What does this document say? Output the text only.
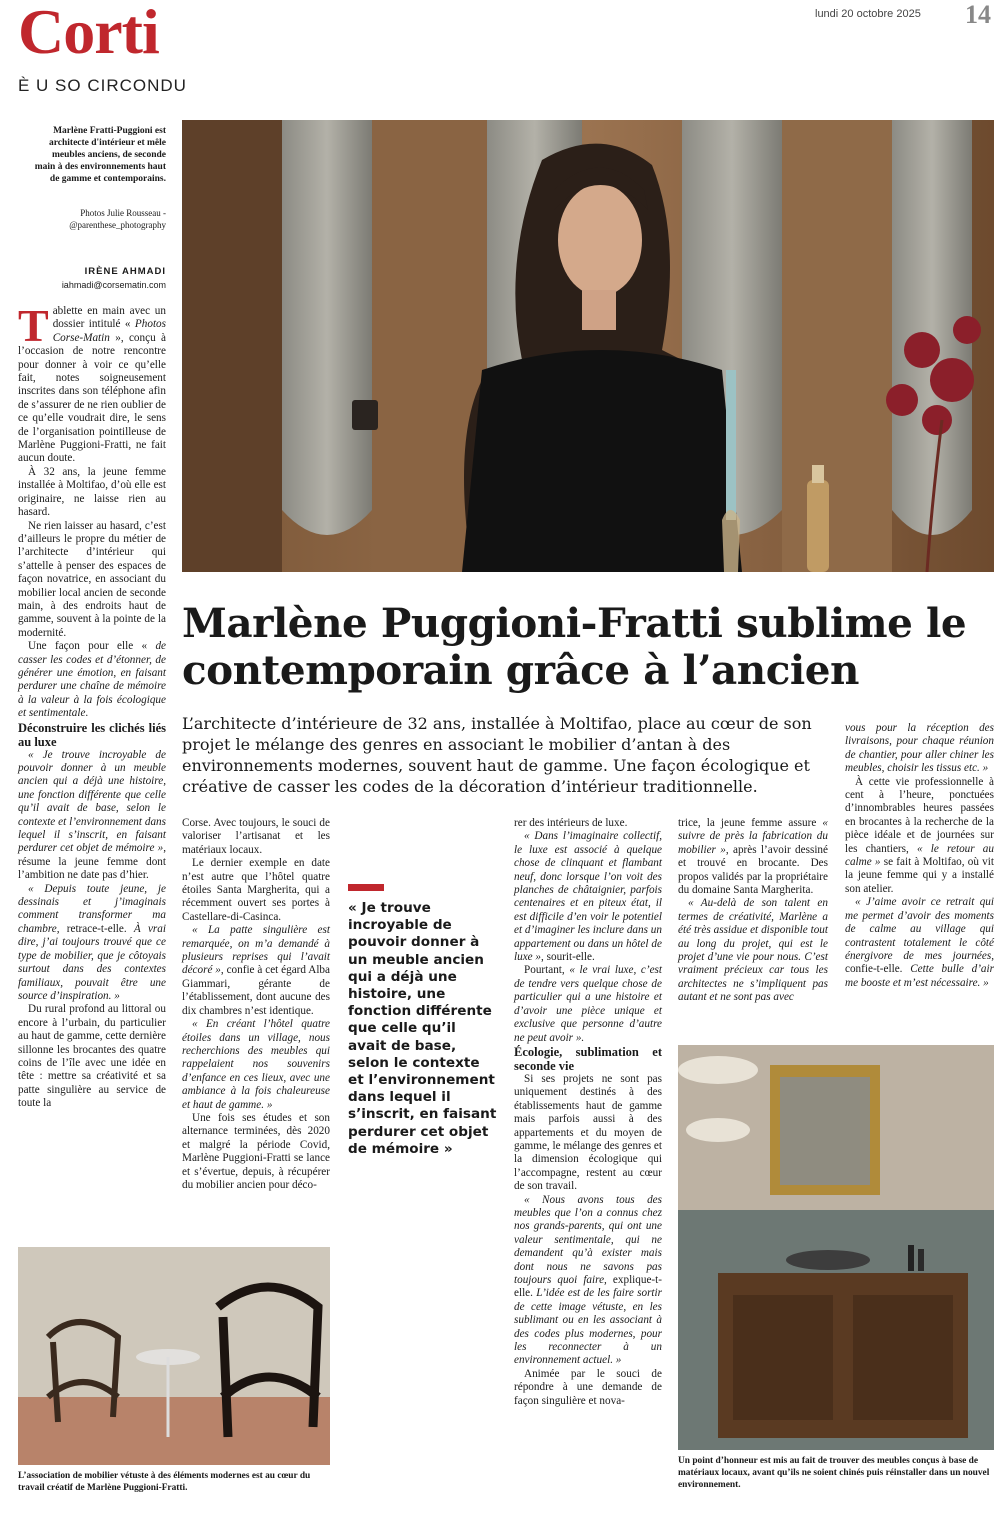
Corti
È U SO CIRCONDU
lundi 20 octobre 2025 14
Marlène Fratti-Puggioni est architecte d'intérieur et mêle meubles anciens, de seconde main à des environnements haut de gamme et contemporains.
Photos Julie Rousseau - @parenthese_photography
IRÈNE AHMADI
iahmadi@corsematin.com

Tablette en main avec un dossier intitulé « Photos Corse-Matin », conçu à l’occasion de notre rencontre pour donner à voir ce qu’elle fait, notes soigneusement inscrites dans son téléphone afin de s’assurer de ne rien oublier de ce qu’elle voudrait dire, le sens de l’organisation pointilleuse de Marlène Puggioni-Fratti, ne fait aucun doute.

À 32 ans, la jeune femme installée à Moltifao, d’où elle est originaire, ne laisse rien au hasard.

Ne rien laisser au hasard, c’est d’ailleurs le propre du métier de l’architecte d’intérieur qui s’attelle à penser des espaces de façon novatrice, en associant du mobilier local ancien de seconde main, à des endroits haut de gamme, souvent à la pointe de la modernité.

Une façon pour elle « de casser les codes et d’étonner, de générer une émotion, en faisant perdurer une chaîne de mémoire à la valeur à la fois écologique et sentimentale.

Déconstruire les clichés liés au luxe

« Je trouve incroyable de pouvoir donner à un meuble ancien qui a déjà une histoire, une fonction différente que celle qu’il avait de base, selon le contexte et l’environnement dans lequel il s’inscrit, en faisant perdurer cet objet de mémoire », résume la jeune femme dont l’ambition ne date pas d’hier.

« Depuis toute jeune, je dessinais et j’imaginais comment transformer ma chambre, retrace-t-elle. À vrai dire, j’ai toujours trouvé que ce type de mobilier, que je côtoyais surtout dans des contextes familiaux, pouvait être une source d’inspiration. »

Du rural profond au littoral ou encore à l’urbain, du particulier au haut de gamme, cette dernière sillonne les brocantes des quatre coins de l’île avec une idée en tête : mettre sa créativité et sa patte singulière au service de toute la

Marlène Puggioni-Fratti sublime le contemporain grâce à l’ancien
L’architecte d’intérieure de 32 ans, installée à Moltifao, place au cœur de son projet le mélange des genres en associant le mobilier d’antan à des environnements modernes, souvent haut de gamme. Une façon écologique et créative de casser les codes de la décoration d’intérieur traditionnelle.

Corse. Avec toujours, le souci de valoriser l’artisanat et les matériaux locaux.

Le dernier exemple en date n’est autre que l’hôtel quatre étoiles Santa Margherita, qui a récemment ouvert ses portes à Castellare-di-Casinca.

« La patte singulière est remarquée, on m’a demandé à plusieurs reprises qui l’avait décoré », confie à cet égard Alba Giammari, gérante de l’établissement, dont aucune des dix chambres n’est identique.

« En créant l’hôtel quatre étoiles dans un village, nous recherchions des meubles qui rappelaient nos souvenirs d’enfance en ces lieux, avec une ambiance à la fois chaleureuse et haut de gamme. »

Une fois ses études et son alternance terminées, dès 2020 et malgré la période Covid, Marlène Puggioni-Fratti se lance et s’évertue, depuis, à récupérer du mobilier ancien pour déco-

« Je trouve incroyable de pouvoir donner à un meuble ancien qui a déjà une histoire, une fonction différente que celle qu’il avait de base, selon le contexte et l’environnement dans lequel il s’inscrit, en faisant perdurer cet objet de mémoire »

rer des intérieurs de luxe.

« Dans l’imaginaire collectif, le luxe est associé à quelque chose de clinquant et flambant neuf, donc lorsque l’on voit des planches de châtaignier, parfois centenaires et en piteux état, il est difficile d’en voir le potentiel et d’imaginer les inclure dans un appartement ou dans un hôtel de luxe », sourit-elle.

Pourtant, « le vrai luxe, c’est de tendre vers quelque chose de particulier qui a une histoire et d’avoir une pièce unique et exclusive que personne d’autre ne peut avoir ».

Écologie, sublimation et seconde vie

Si ses projets ne sont pas uniquement destinés à des établissements haut de gamme mais parfois aussi à des appartements et du moyen de gamme, le mélange des genres et la dimension écologique qui l’accompagne, restent au cœur de son travail.

« Nous avons tous des meubles que l’on a connus chez nos grands-parents, qui ont une valeur sentimentale, qui ne demandent qu’à exister mais dont nous ne savons pas toujours quoi faire, explique-t-elle. L’idée est de les faire sortir de cette image vétuste, en les sublimant ou en les associant à des codes plus modernes, pour les reconnecter à un environnement actuel. »

Animée par le souci de répondre à une demande de façon singulière et nova-

trice, la jeune femme assure « suivre de près la fabrication du mobilier », après l’avoir dessiné et trouvé en brocante. Des propos validés par la propriétaire du domaine Santa Margherita.

« Au-delà de son talent en termes de créativité, Marlène a été très assidue et disponible tout au long du projet, qui est le projet d’une vie pour nous. C’est vraiment précieux car tous les architectes ne s’impliquent pas autant et ne sont pas avec

vous pour la réception des livraisons, pour chaque réunion de chantier, pour aller chiner les meubles, choisir les tissus etc. »

À cette vie professionnelle à cent à l’heure, ponctuées d’innombrables heures passées en brocantes à la recherche de la pièce idéale et de journées sur les chantiers, « le retour au calme » se fait à Moltifao, où vit la jeune femme qui y a installé son atelier.

« J’aime avoir ce retrait qui me permet d’avoir des moments de calme au village qui contrastent totalement le côté énergivore de mes journées, confie-t-elle. Cette bulle d’air me booste et m’est nécessaire. »

L’association de mobilier vétuste à des éléments modernes est au cœur du travail créatif de Marlène Puggioni-Fratti.
Un point d’honneur est mis au fait de trouver des meubles conçus à base de matériaux locaux, avant qu’ils ne soient chinés puis réinstaller dans un nouvel environnement.
